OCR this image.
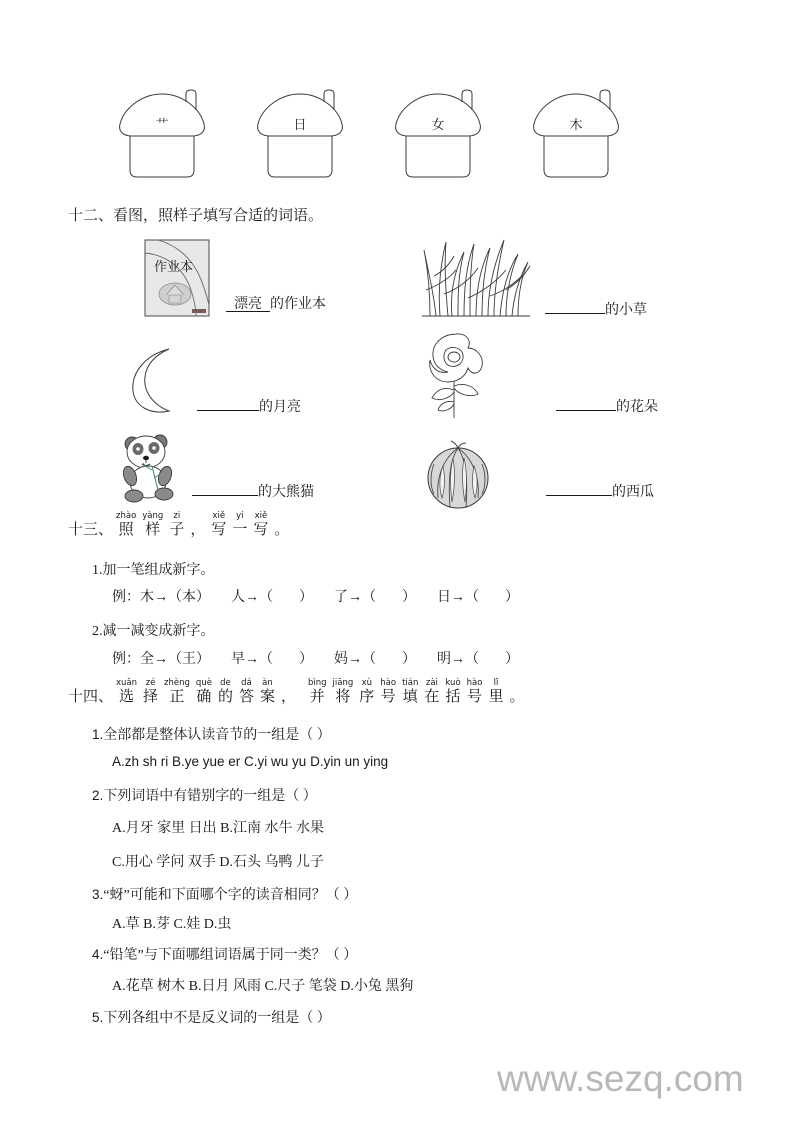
艹	日	女	木
十二、看图，照样子填写合适的词语。
作业本
漂亮 的作业本	的小草
的月亮	的花朵
的大熊猫	的西瓜
十三、
zhào
照
yàng
样
zi
子 ，
xiě
写
yi
一
xiě
写 。
1.加一笔组成新字。
例：木→（本）      人→（ ）      了→（ ）      日→（ ）
2.减一减变成新字。
例：全→（王）      早→（ ）      妈→（ ）      明→（ ）
十四、
xuǎn
选
zé
择
zhèng
正
què
确
de
的
dá
答
àn
案 ，
bìng
并
jiāng
将
xù
序
hào
号
tián
填
zài
在
kuò
括
hào
号
lǐ
里 。
1.全部都是整体认读音节的一组是（ ）
A.zh sh ri B.ye yue er C.yi wu yu D.yin un ying
2.下列词语中有错别字的一组是（ ）
A.月牙 家里 日出 B.江南 水牛 水果
C.用心 学问 双手 D.石头 乌鸭 儿子
3.“蚜”可能和下面哪个字的读音相同？（ ）
A.草 B.芽 C.娃 D.虫
4.“铅笔”与下面哪组词语属于同一类？（ ）
A.花草 树木 B.日月 风雨 C.尺子 笔袋 D.小兔 黑狗
5.下列各组中不是反义词的一组是（ ）
www.sezq.com
